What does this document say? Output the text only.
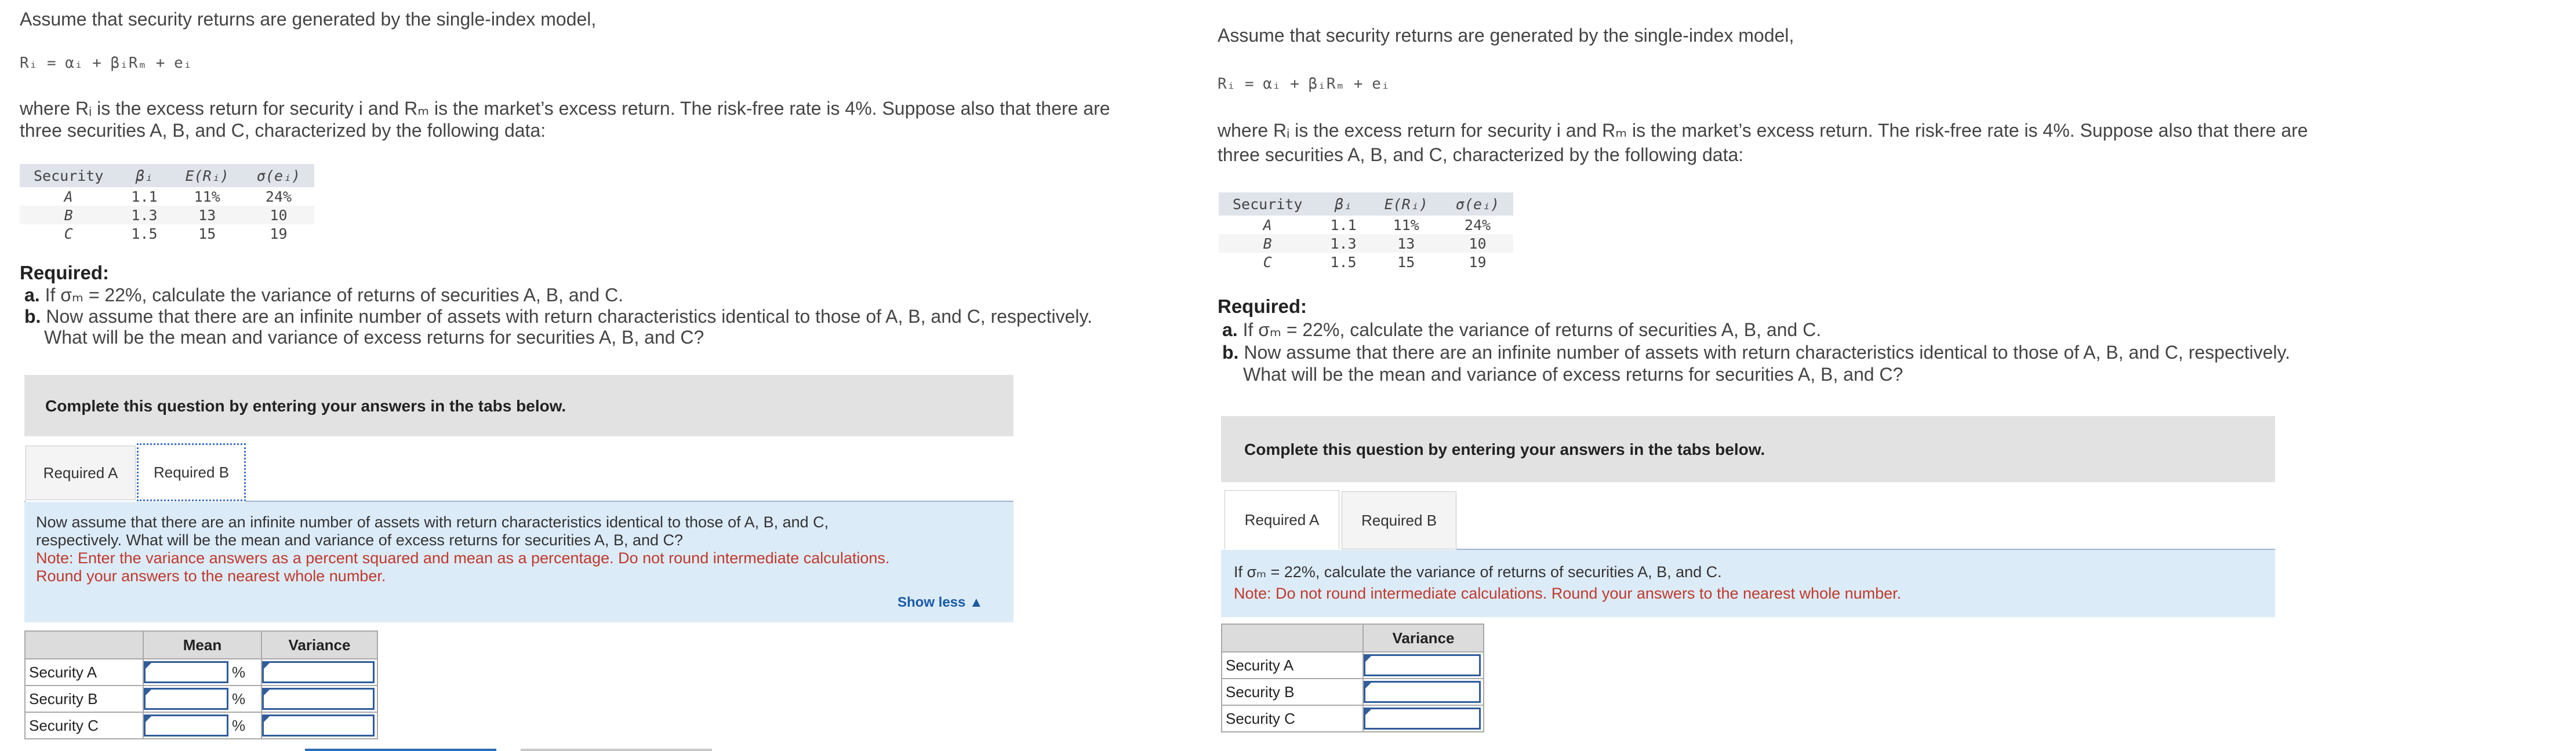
Assume that security returns are generated by the single-index model,

Rᵢ = αᵢ + βᵢRₘ + eᵢ

where Rᵢ is the excess return for security i and Rₘ is the market’s excess return. The risk-free rate is 4%. Suppose also that there are

three securities A, B, and C, characterized by the following data:

Security	βᵢ	E(Rᵢ)	σ(eᵢ)
A	1.1	11%	24%
B	1.3	13	10
C	1.5	15	19
Required:
a. If σₘ = 22%, calculate the variance of returns of securities A, B, and C.
b. Now assume that there are an infinite number of assets with return characteristics identical to those of A, B, and C, respectively.
What will be the mean and variance of excess returns for securities A, B, and C?
Complete this question by entering your answers in the tabs below.
Required A	Required B
Now assume that there are an infinite number of assets with return characteristics identical to those of A, B, and C,
respectively. What will be the mean and variance of excess returns for securities A, B, and C?
Note: Enter the variance answers as a percent squared and mean as a percentage. Do not round intermediate calculations.
Round your answers to the nearest whole number.
Show less ▲
	Mean	Variance
Security A	%	

Security B	%	

Security C	%	

Assume that security returns are generated by the single-index model,

Rᵢ = αᵢ + βᵢRₘ + eᵢ

where Rᵢ is the excess return for security i and Rₘ is the market’s excess return. The risk-free rate is 4%. Suppose also that there are

three securities A, B, and C, characterized by the following data:

Security	βᵢ	E(Rᵢ)	σ(eᵢ)
A	1.1	11%	24%
B	1.3	13	10
C	1.5	15	19
Required:
a. If σₘ = 22%, calculate the variance of returns of securities A, B, and C.
b. Now assume that there are an infinite number of assets with return characteristics identical to those of A, B, and C, respectively.
What will be the mean and variance of excess returns for securities A, B, and C?
Complete this question by entering your answers in the tabs below.
Required A	Required B
If σₘ = 22%, calculate the variance of returns of securities A, B, and C.
Note: Do not round intermediate calculations. Round your answers to the nearest whole number.
	Variance
Security A	

Security B	

Security C	
